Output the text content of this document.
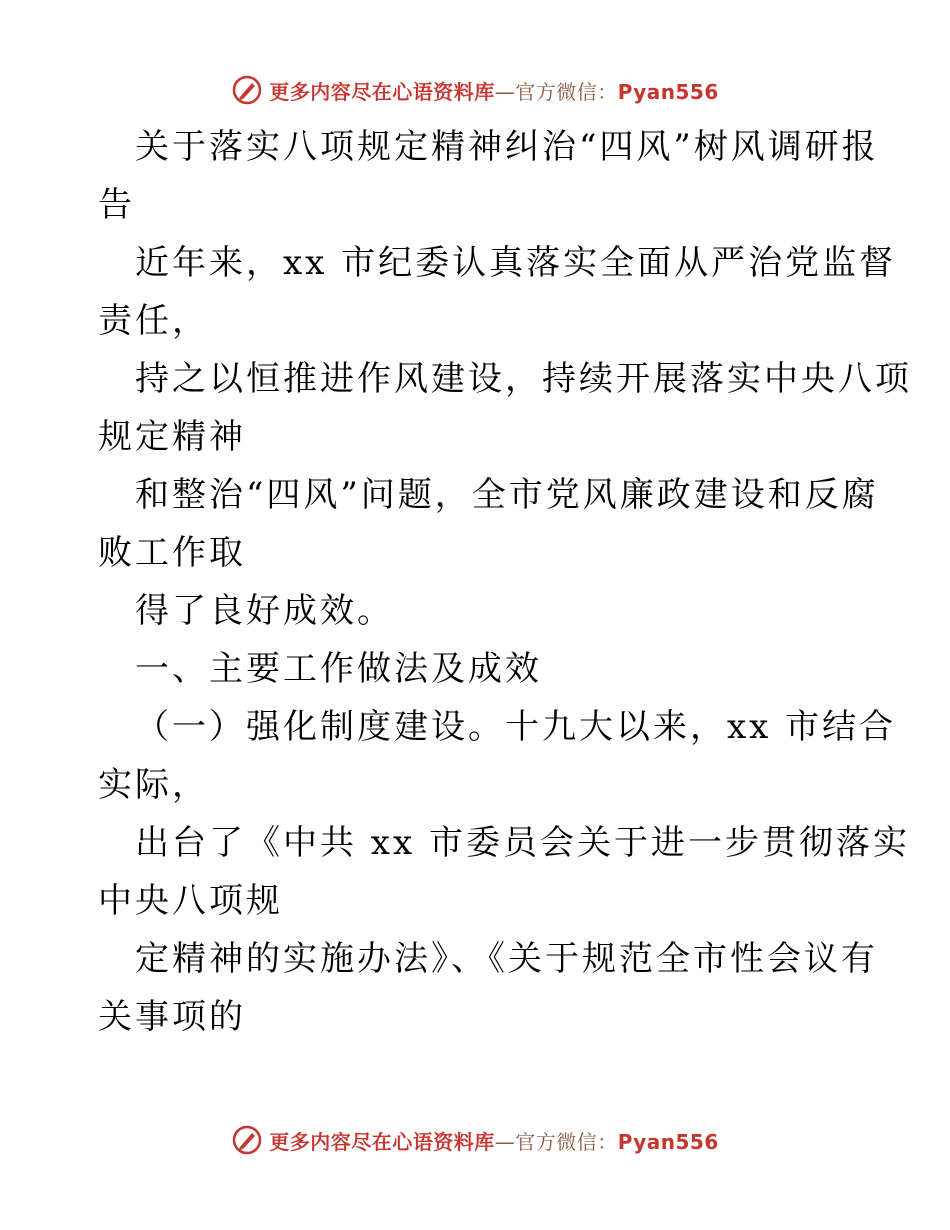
更多内容尽在心语资料库—官方微信：Pyan556
关于落实八项规定精神纠治“四风”树风调研报
告
近年来，xx 市纪委认真落实全面从严治党监督
责任，
持之以恒推进作风建设，持续开展落实中央八项
规定精神
和整治“四风”问题，全市党风廉政建设和反腐
败工作取
得了良好成效。
一、主要工作做法及成效
（一）强化制度建设。十九大以来，xx 市结合
实际，
出台了《中共 xx 市委员会关于进一步贯彻落实
中央八项规
定精神的实施办法》、《关于规范全市性会议有
关事项的
更多内容尽在心语资料库—官方微信：Pyan556
